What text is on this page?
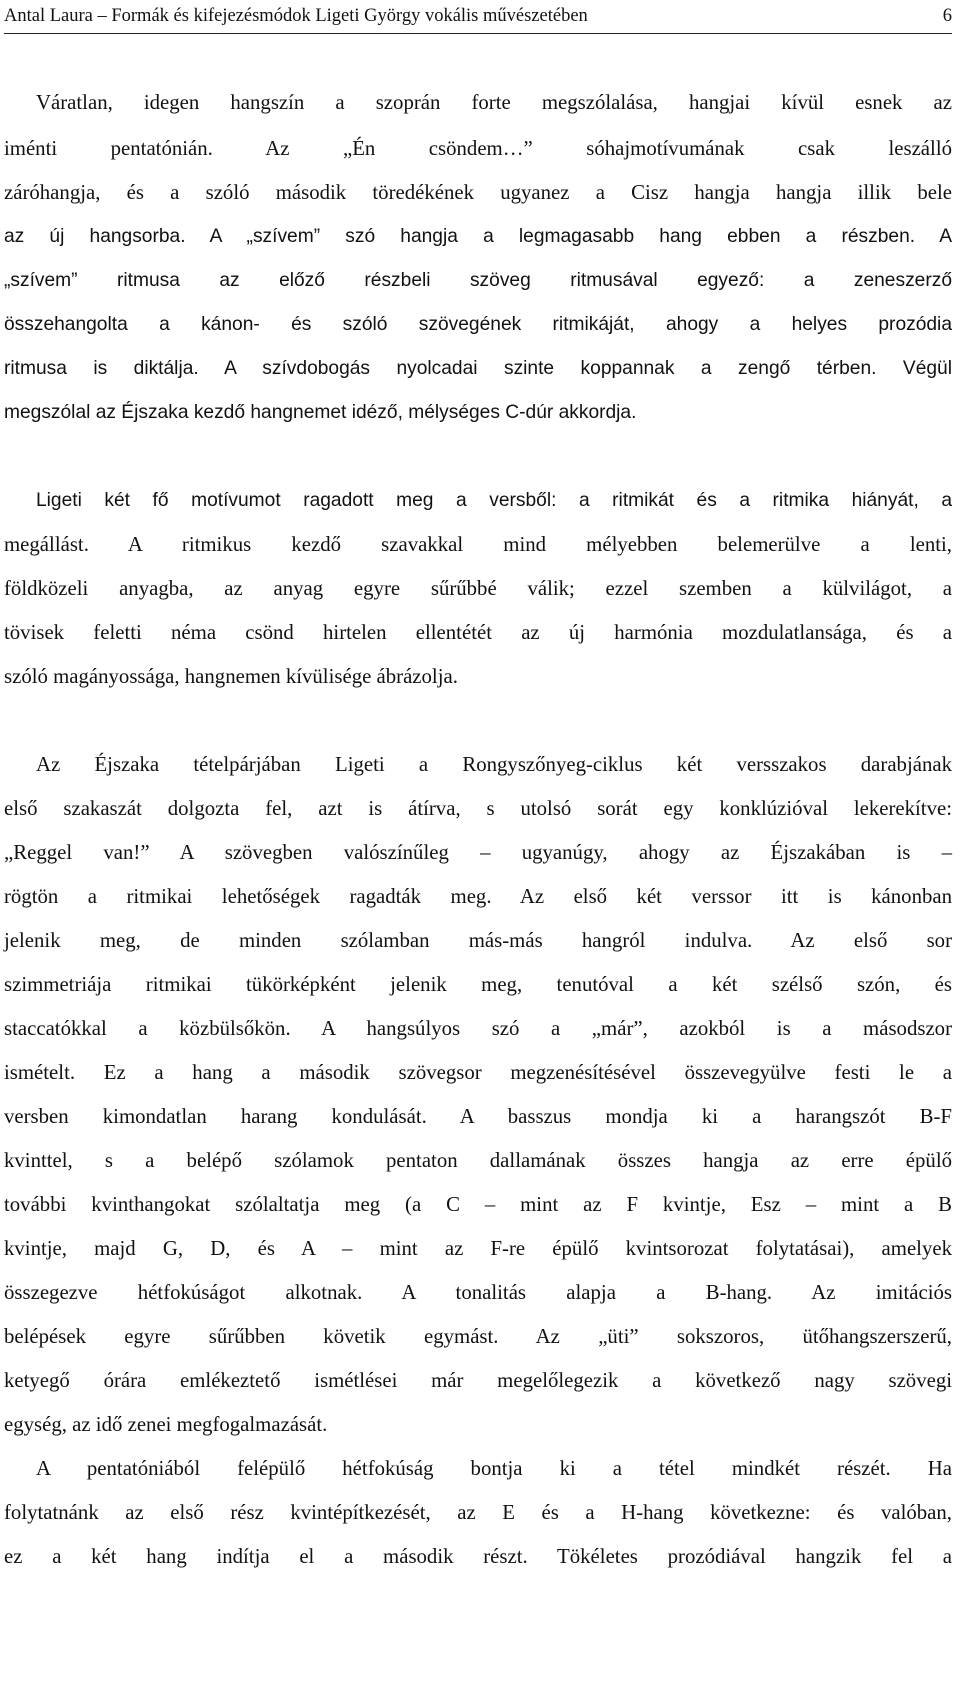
Antal Laura – Formák és kifejezésmódok Ligeti György vokális művészetében	6
Váratlan, idegen hangszín a szoprán forte megszólalása, hangjai kívül esnek az
iménti pentatónián. Az „Én csöndem…” sóhajmotívumának csak leszálló
záróhangja, és a szóló második töredékének ugyanez a Cisz hangja hangja illik bele
az új hangsorba. A „szívem” szó hangja a legmagasabb hang ebben a részben. A
„szívem” ritmusa az előző részbeli szöveg ritmusával egyező: a zeneszerző
összehangolta a kánon- és szóló szövegének ritmikáját, ahogy a helyes prozódia
ritmusa is diktálja. A szívdobogás nyolcadai szinte koppannak a zengő térben. Végül
megszólal az Éjszaka kezdő hangnemet idéző, mélységes C-dúr akkordja.
Ligeti két fő motívumot ragadott meg a versből: a ritmikát és a ritmika hiányát, a
megállást. A ritmikus kezdő szavakkal mind mélyebben belemerülve a lenti,
földközeli anyagba, az anyag egyre sűrűbbé válik; ezzel szemben a külvilágot, a
tövisek feletti néma csönd hirtelen ellentétét az új harmónia mozdulatlansága, és a
szóló magányossága, hangnemen kívülisége ábrázolja.
Az Éjszaka tételpárjában Ligeti a Rongyszőnyeg-ciklus két versszakos darabjának
első szakaszát dolgozta fel, azt is átírva, s utolsó sorát egy konklúzióval lekerekítve:
„Reggel van!” A szövegben valószínűleg – ugyanúgy, ahogy az Éjszakában is –
rögtön a ritmikai lehetőségek ragadták meg. Az első két verssor itt is kánonban
jelenik meg, de minden szólamban más-más hangról indulva. Az első sor
szimmetriája ritmikai tükörképként jelenik meg, tenutóval a két szélső szón, és
staccatókkal a közbülsőkön. A hangsúlyos szó a „már”, azokból is a másodszor
ismételt. Ez a hang a második szövegsor megzenésítésével összevegyülve festi le a
versben kimondatlan harang kondulását. A basszus mondja ki a harangszót B-F
kvinttel, s a belépő szólamok pentaton dallamának összes hangja az erre épülő
további kvinthangokat szólaltatja meg (a C – mint az F kvintje, Esz – mint a B
kvintje, majd G, D, és A – mint az F-re épülő kvintsorozat folytatásai), amelyek
összegezve hétfokúságot alkotnak. A tonalitás alapja a B-hang. Az imitációs
belépések egyre sűrűbben követik egymást. Az „üti” sokszoros, ütőhangszerszerű,
ketyegő órára emlékeztető ismétlései már megelőlegezik a következő nagy szövegi
egység, az idő zenei megfogalmazását.
A pentatóniából felépülő hétfokúság bontja ki a tétel mindkét részét. Ha
folytatnánk az első rész kvintépítkezését, az E és a H-hang következne: és valóban,
ez a két hang indítja el a második részt. Tökéletes prozódiával hangzik fel a
